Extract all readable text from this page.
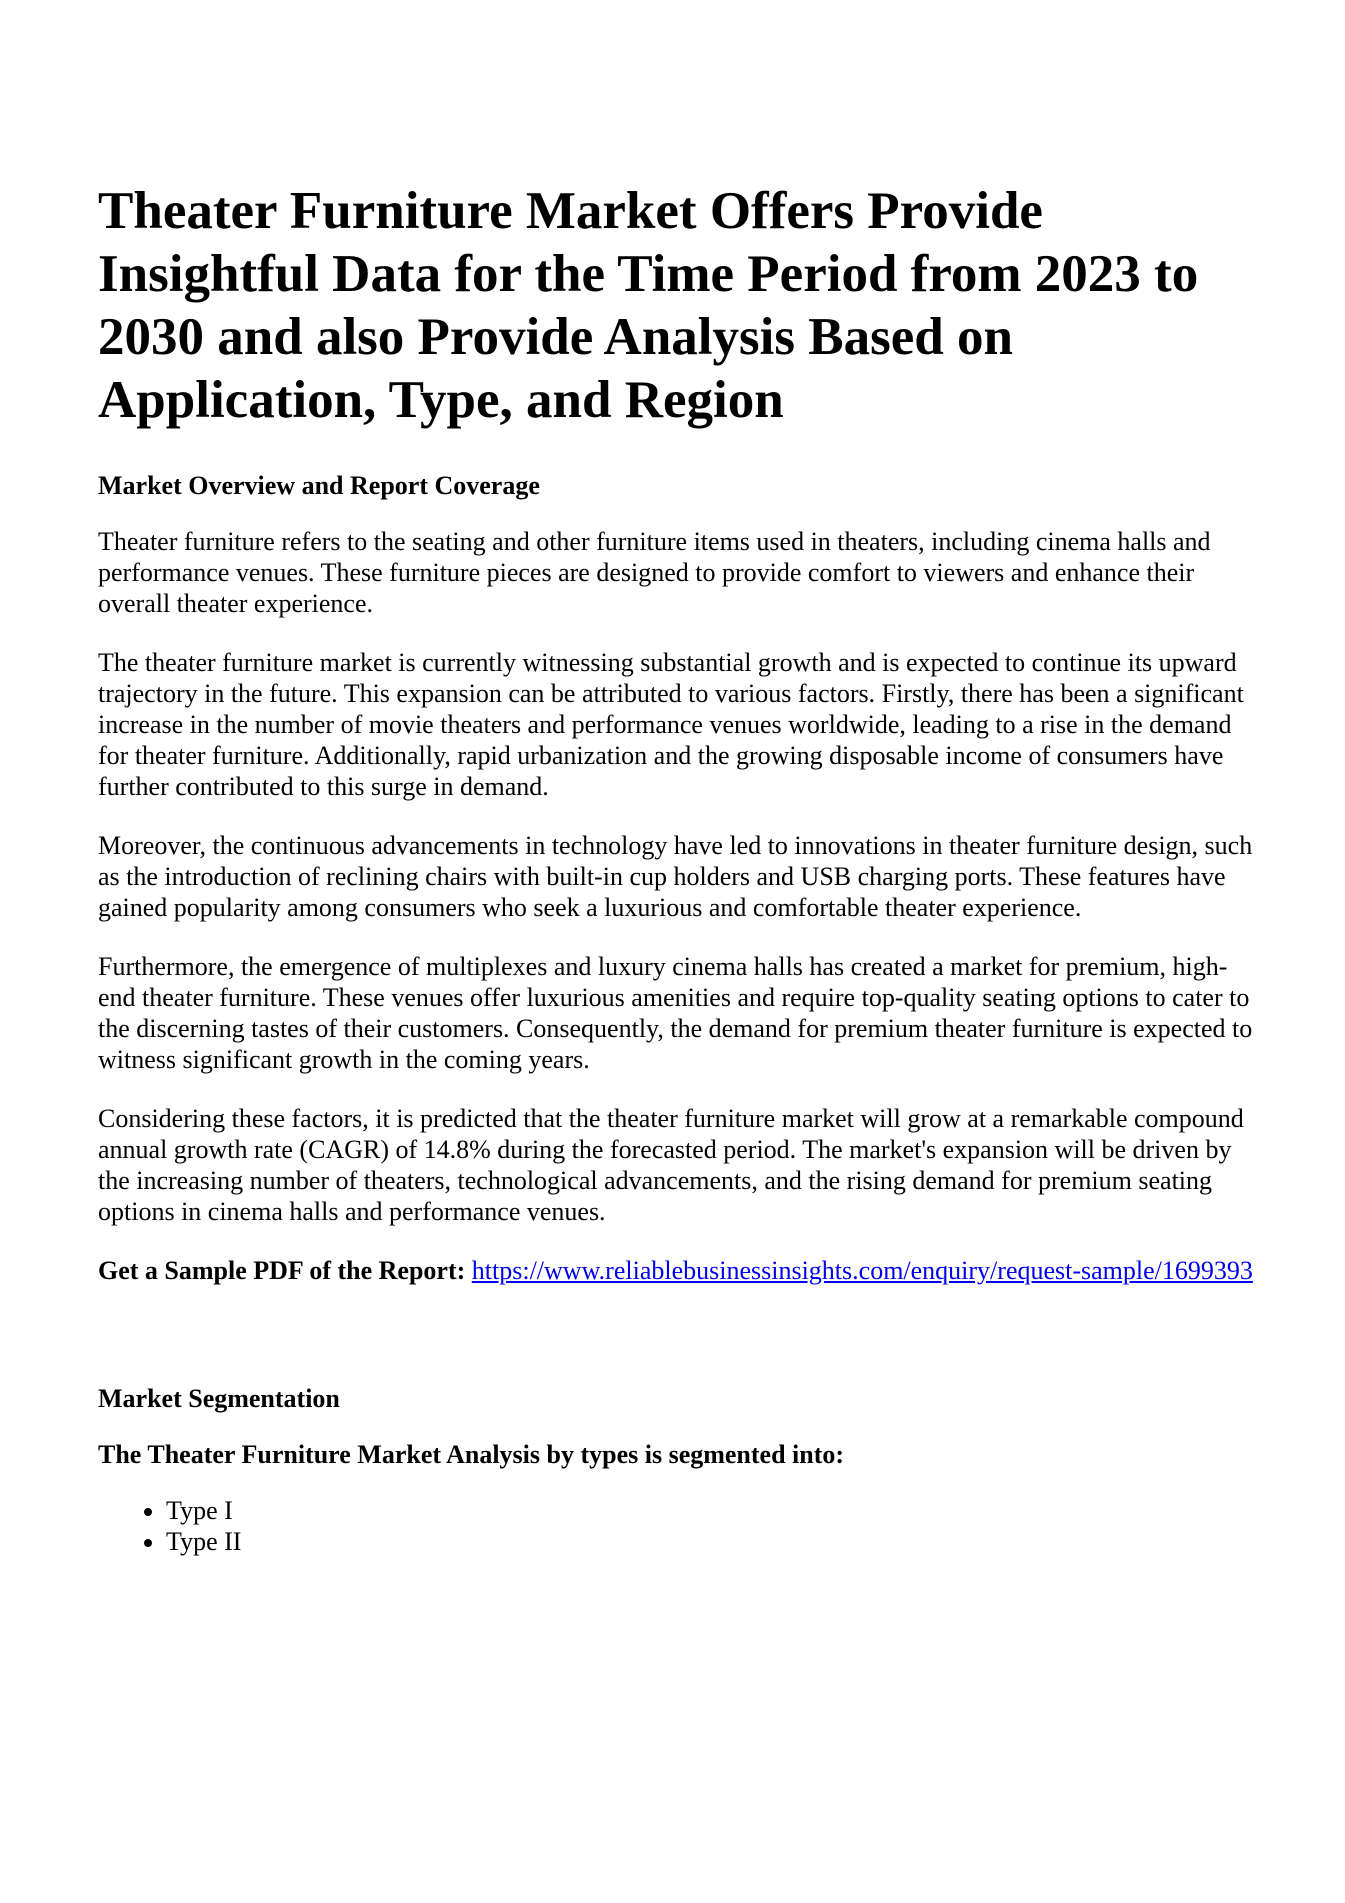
Theater Furniture Market Offers Provide Insightful Data for the Time Period from 2023 to 2030 and also Provide Analysis Based on Application, Type, and Region
Market Overview and Report Coverage

Theater furniture refers to the seating and other furniture items used in theaters, including cinema halls and performance venues. These furniture pieces are designed to provide comfort to viewers and enhance their overall theater experience.

The theater furniture market is currently witnessing substantial growth and is expected to continue its upward trajectory in the future. This expansion can be attributed to various factors. Firstly, there has been a significant increase in the number of movie theaters and performance venues worldwide, leading to a rise in the demand for theater furniture. Additionally, rapid urbanization and the growing disposable income of consumers have further contributed to this surge in demand.

Moreover, the continuous advancements in technology have led to innovations in theater furniture design, such as the introduction of reclining chairs with built-in cup holders and USB charging ports. These features have gained popularity among consumers who seek a luxurious and comfortable theater experience.

Furthermore, the emergence of multiplexes and luxury cinema halls has created a market for premium, high-end theater furniture. These venues offer luxurious amenities and require top-quality seating options to cater to the discerning tastes of their customers. Consequently, the demand for premium theater furniture is expected to witness significant growth in the coming years.

Considering these factors, it is predicted that the theater furniture market will grow at a remarkable compound annual growth rate (CAGR) of 14.8% during the forecasted period. The market's expansion will be driven by the increasing number of theaters, technological advancements, and the rising demand for premium seating options in cinema halls and performance venues.

Get a Sample PDF of the Report: https://www.reliablebusinessinsights.com/enquiry/request-sample/1699393

Market Segmentation
The Theater Furniture Market Analysis by types is segmented into:
• Type I
• Type II
